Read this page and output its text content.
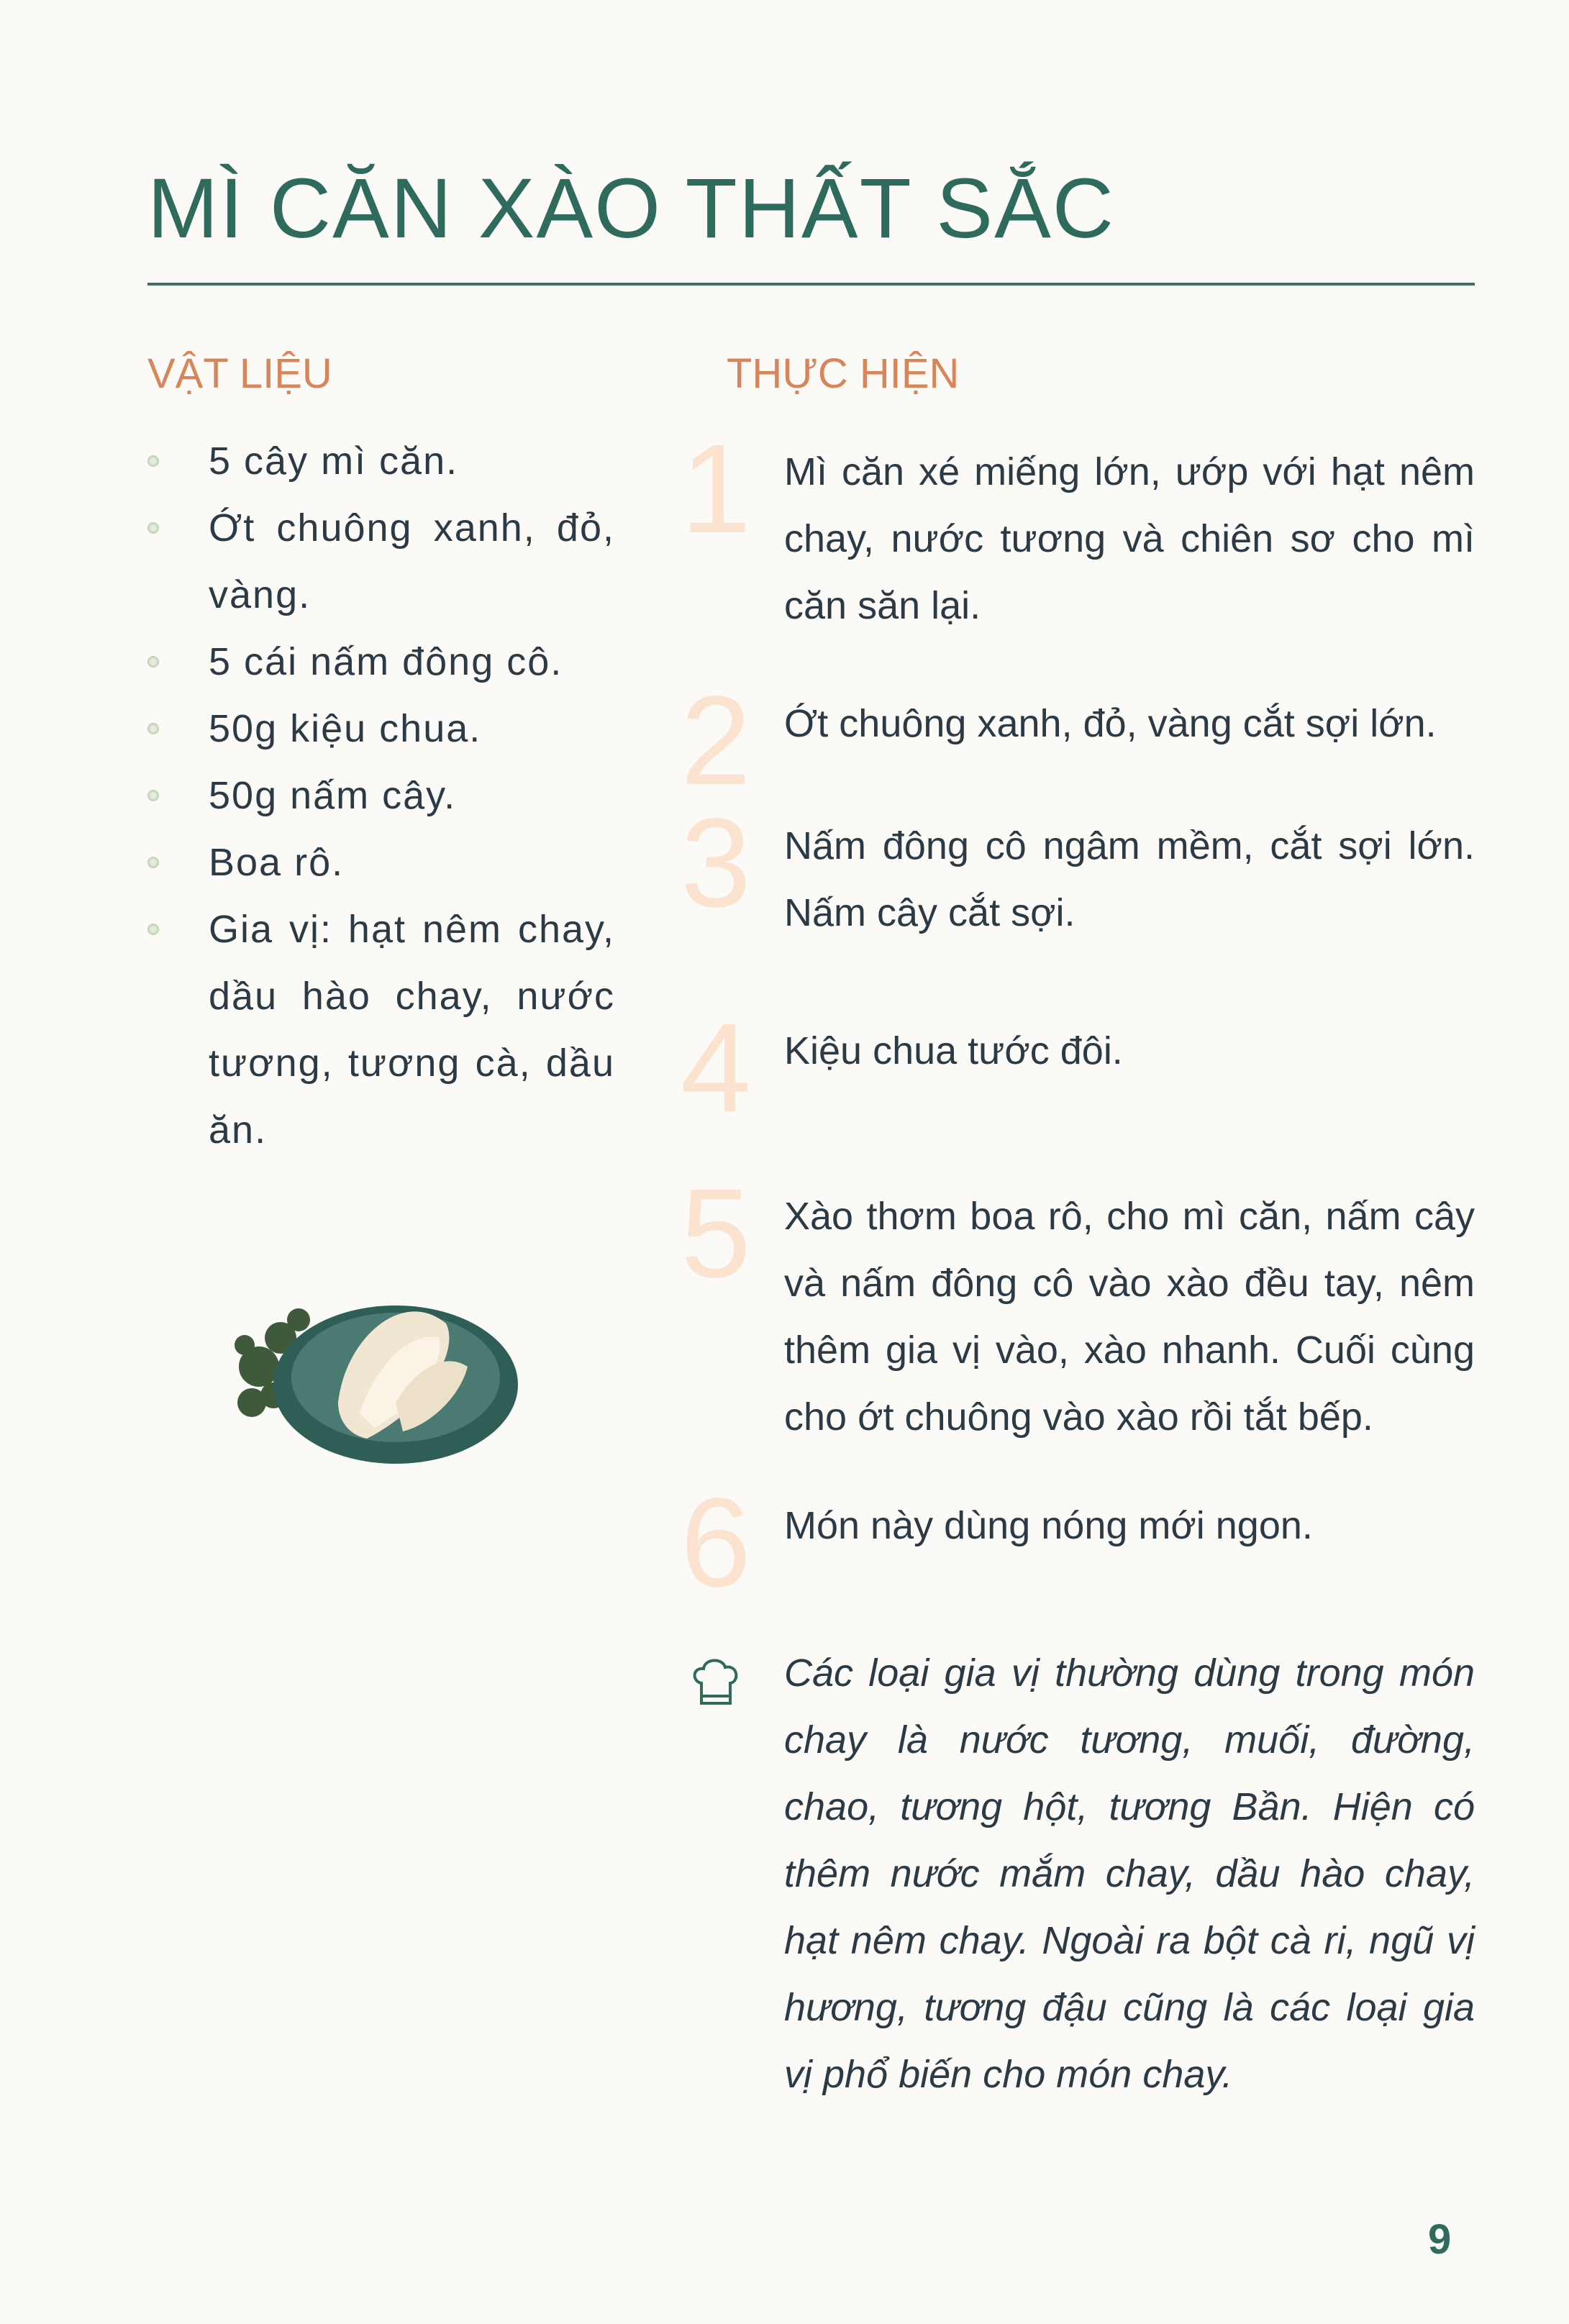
MÌ CĂN XÀO THẤT SẮC
VẬT LIỆU	THỰC HIỆN
5 cây mì căn.
Ớt chuông xanh, đỏ, vàng.
5 cái nấm đông cô.
50g kiệu chua.
50g nấm cây.
Boa rô.
Gia vị: hạt nêm chay, dầu hào chay, nước tương, tương cà, dầu ăn.
1 Mì căn xé miếng lớn, ướp với hạt nêm chay, nước tương và chiên sơ cho mì căn săn lại.
2 Ớt chuông xanh, đỏ, vàng cắt sợi lớn.
3 Nấm đông cô ngâm mềm, cắt sợi lớn. Nấm cây cắt sợi.
4 Kiệu chua tước đôi.
5 Xào thơm boa rô, cho mì căn, nấm cây và nấm đông cô vào xào đều tay, nêm thêm gia vị vào, xào nhanh. Cuối cùng cho ớt chuông vào xào rồi tắt bếp.
6 Món này dùng nóng mới ngon.
Các loại gia vị thường dùng trong món chay là nước tương, muối, đường, chao, tương hột, tương Bần. Hiện có thêm nước mắm chay, dầu hào chay, hạt nêm chay. Ngoài ra bột cà ri, ngũ vị hương, tương đậu cũng là các loại gia vị phổ biến cho món chay.
9
